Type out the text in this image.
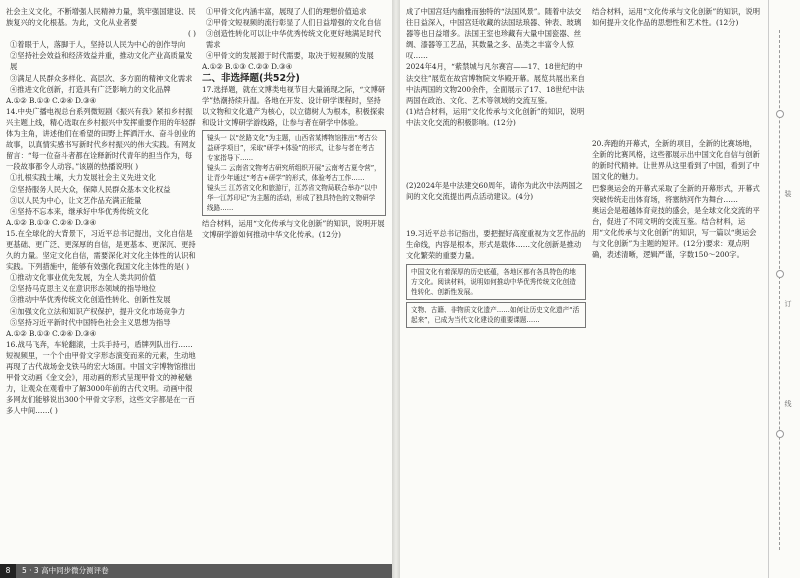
社会主义文化，不断增强人民精神力量，筑牢强国建设、民族复兴的文化根基。为此，文化从业者要

( )

①着眼于人，落脚于人，坚持以人民为中心的创作导向

②坚持社会效益和经济效益并重，推动文化产业高质量发展

③满足人民群众多样化、高层次、多方面的精神文化需求

④推进文化创新，打造具有广泛影响力的文化品牌

A.①② B.①③ C.②④ D.③④

14.中央广播电视总台系列微短剧《振兴有我》紧扣乡村振兴主题上线，精心选取在乡村振兴中发挥重要作用的年轻群体为主角，讲述他们在希望的田野上挥洒汗水、奋斗创业的故事，以真情实感书写新时代乡村振兴的伟大实践。有网友留言：“每一位奋斗者都在诠释新时代青年的担当作为，每一段故事都令人动容。”该剧的热播说明( )

①扎根实践土壤，大力发展社会主义先进文化

②坚持服务人民大众，保障人民群众基本文化权益

③以人民为中心，让文艺作品充满正能量

④坚持不忘本来，继承好中华优秀传统文化

A.①② B.①③ C.②④ D.③④

15.在全球化的大背景下，习近平总书记提出，文化自信是更基础、更广泛、更深厚的自信，是更基本、更深沉、更持久的力量。坚定文化自信，需要深化对文化主体性的认识和实践。下列措施中，能够有效强化我国文化主体性的是( )

①推动文化事业优先发展，为全人类共同价值

②坚持马克思主义在意识形态领域的指导地位

③推动中华优秀传统文化创造性转化、创新性发展

④加强文化立法和知识产权保护，提升文化市场竞争力

⑤坚持习近平新时代中国特色社会主义思想为指导

A.①② B.①③ C.②④ D.③④

16.战马飞奔，车轮翻滚，士兵手持弓，盾牌列队出行……短视频里，一个个由甲骨文字形态演变而来的元素，生动地再现了古代战场金戈铁马的宏大场面。中国文字博物馆推出甲骨文动画《金文会》，用动画的形式呈现甲骨文的神秘魅力，让观众在观看中了解3000年前的古代文明。动画中很多网友们能够说出300个甲骨文字形，这些文字都是在一百多人中间……( )

①甲骨文化内涵丰富，展现了人们的理想价值追求

②甲骨文短视频的流行彰显了人们日益增强的文化自信

③创造性转化可以让中华优秀传统文化更好地满足时代需求

④甲骨文的发展源于时代需要，取决于短视频的发展

A.①② B.①③ C.②③ D.③④

二、非选择题(共52分)

17.选择题，就在文博类电视节目大量涌现之际，“文博研学”热潮持续升温。各地在开发、设计研学课程时，坚持以文物和文化遗产为核心，以立德树人为根本，积极探索和设计文博研学游线路，让参与者在研学中体验。

镜头一 以“丝路文化”为主题，山西省某博物馆推出“考古公益研学项目”，采取“研学+体验”的形式，让参与者在考古专家指导下……

镜头二 云南省文物考古研究所组织开展“云南考古夏令营”，让青少年通过“考古+研学”的形式，体验考古工作……

镜头三 江苏省文化和旅游厅，江苏省文物局联合举办“以中华一江苏印记”为主题的活动，形成了独具特色的文物研学线路……

结合材料，运用“文化传承与文化创新”的知识，说明开展文博研学游如何推动中华文化传承。(12分)

8 5 · 3 高中同步微分测评卷

成了中国宫廷内幽雅而独特的“法国风景”。随着中法交往日益深入，中国宫廷收藏的法国珐琅器、钟表、玻璃器等也日益增多。法国王室也珍藏有大量中国瓷器、丝绸、漆器等工艺品，其数量之多、品类之丰富令人惊叹……

2024年4月，“紫禁城与凡尔赛宫——17、18世纪的中法交往”展览在故宫博物院文华殿开幕。展览共展出来自中法两国的文物200余件，全面展示了17、18世纪中法两国在政治、文化、艺术等领域的交流互鉴。

(1)结合材料，运用“文化传承与文化创新”的知识，说明中法文化交流的积极影响。(12分)

(2)2024年是中法建交60周年，请你为此次中法两国之间的文化交流提出两点活动建议。(4分)

19.习近平总书记指出，要把握好高度重视为文艺作品的生命线，内容是根本，形式是载体……文化创新是推动文化繁荣的重要力量。

中国文化有着深厚的历史底蕴，各地区都有各具特色的地方文化。阅读材料，说明如何推动中华优秀传统文化创造性转化、创新性发展。

文物、古籍、非物质文化遗产……如何让历史文化遗产“活起来”，已成为当代文化建设的重要课题……

结合材料，运用“文化传承与文化创新”的知识，说明如何提升文化作品的思想性和艺术性。(12分)

20.奔跑的开幕式，全新的项目，全新的比赛场地，全新的比赛风格，这些都展示出中国文化自信与创新的新时代精神。让世界从这里看到了中国，看到了中国文化的魅力。

巴黎奥运会的开幕式采取了全新的开幕形式，开幕式突破传统走出体育场，将塞纳河作为舞台……

奥运会是超越体育竞技的盛会，是全球文化交流的平台，促进了不同文明的交流互鉴。结合材料，运用“文化传承与文化创新”的知识，写一篇以“奥运会与文化创新”为主题的短评。(12分)要求：观点明确，表述清晰，逻辑严谨，字数150～200字。

装
订
线
